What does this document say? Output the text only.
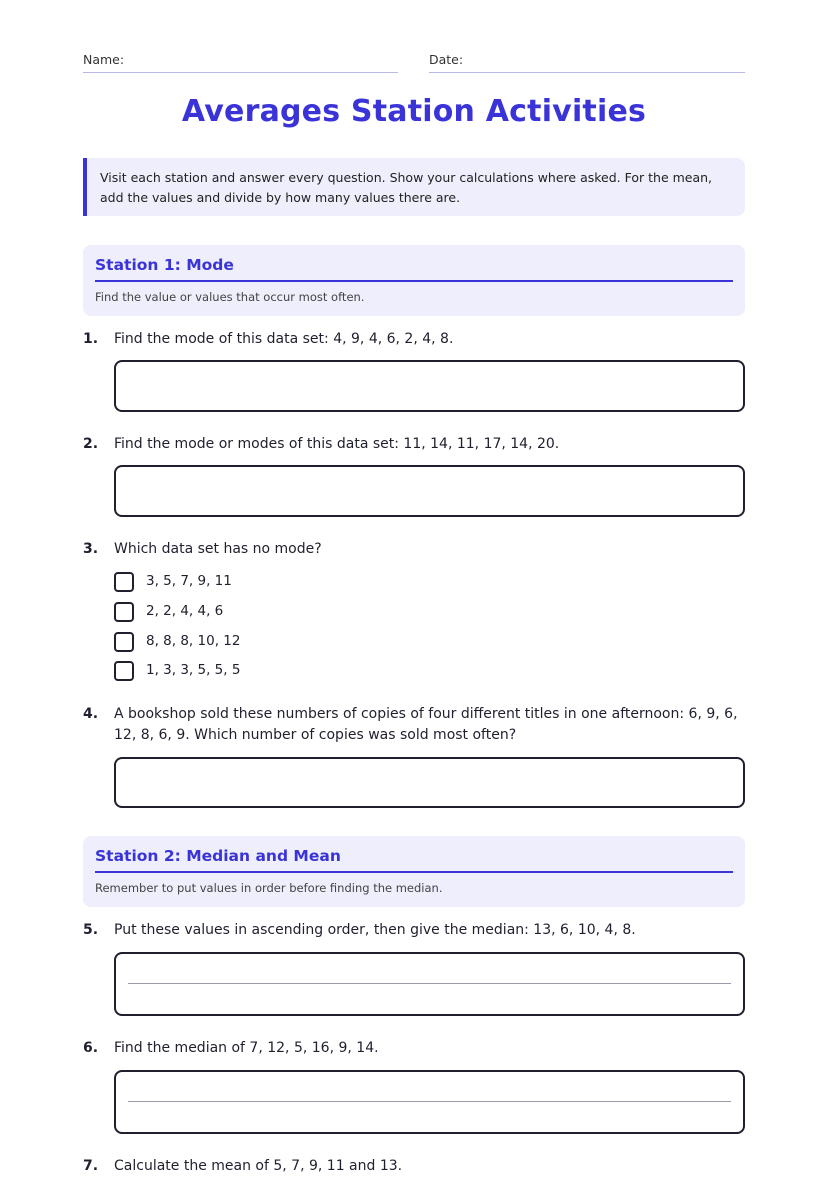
Name:	Date:
Averages Station Activities
Visit each station and answer every question. Show your calculations where asked. For the mean, add the values and divide by how many values there are.
Station 1: Mode
Find the value or values that occur most often.
1. Find the mode of this data set: 4, 9, 4, 6, 2, 4, 8.
2. Find the mode or modes of this data set: 11, 14, 11, 17, 14, 20.
3. Which data set has no mode?
3, 5, 7, 9, 11
2, 2, 4, 4, 6
8, 8, 8, 10, 12
1, 3, 3, 5, 5, 5
4. A bookshop sold these numbers of copies of four different titles in one afternoon: 6, 9, 6, 12, 8, 6, 9. Which number of copies was sold most often?
Station 2: Median and Mean
Remember to put values in order before finding the median.
5. Put these values in ascending order, then give the median: 13, 6, 10, 4, 8.
6. Find the median of 7, 12, 5, 16, 9, 14.
7. Calculate the mean of 5, 7, 9, 11 and 13.
